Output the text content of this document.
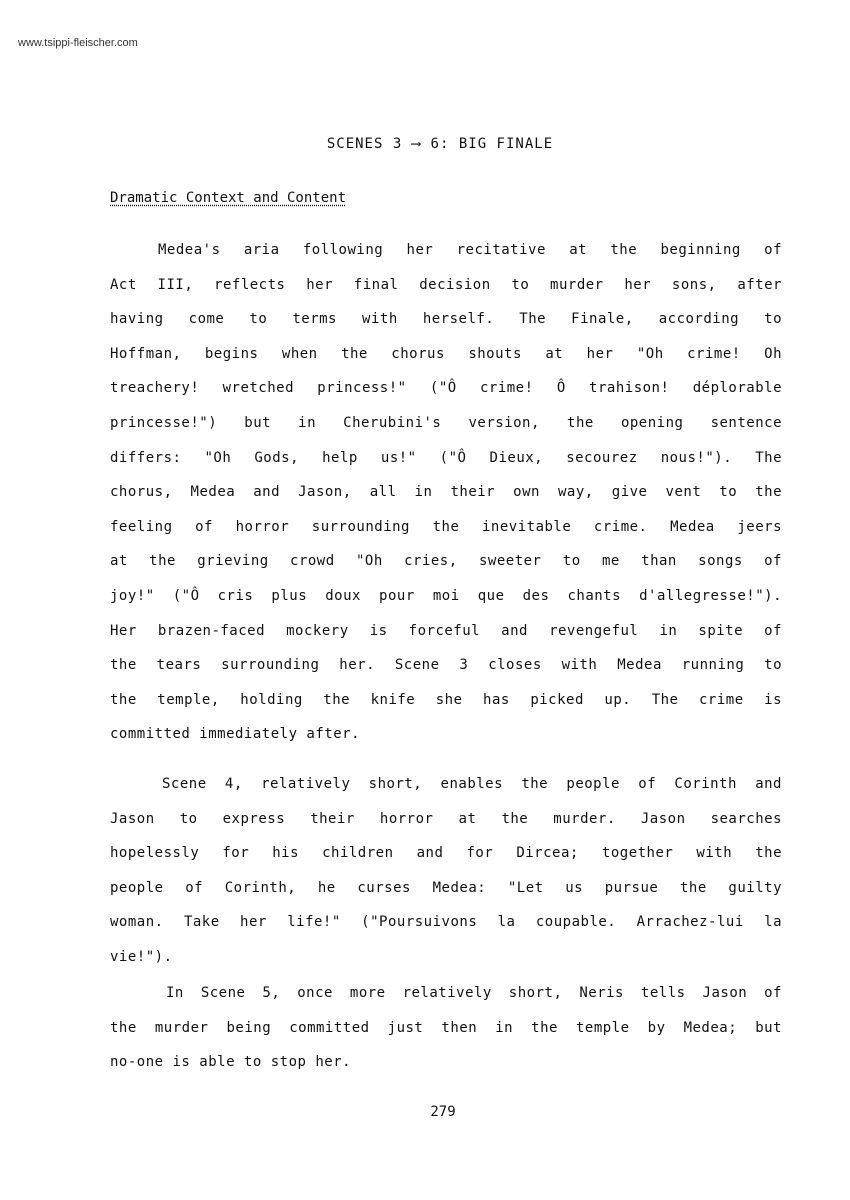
www.tsippi-fleischer.com
SCENES 3 ⟶ 6: BIG FINALE
Dramatic Context and Content
Medea's aria following her recitative at the beginning of
Act III, reflects her final decision to murder her sons, after
having come to terms with herself. The Finale, according to
Hoffman, begins when the chorus shouts at her "Oh crime! Oh
treachery! wretched princess!" ("Ô crime! Ô trahison! déplorable
princesse!") but in Cherubini's version, the opening sentence
differs: "Oh Gods, help us!" ("Ô Dieux, secourez nous!"). The
chorus, Medea and Jason, all in their own way, give vent to the
feeling of horror surrounding the inevitable crime. Medea jeers
at the grieving crowd "Oh cries, sweeter to me than songs of
joy!" ("Ô cris plus doux pour moi que des chants d'allegresse!").
Her brazen-faced mockery is forceful and revengeful in spite of
the tears surrounding her. Scene 3 closes with Medea running to
the temple, holding the knife she has picked up. The crime is
committed immediately after.
Scene 4, relatively short, enables the people of Corinth and
Jason to express their horror at the murder. Jason searches
hopelessly for his children and for Dircea; together with the
people of Corinth, he curses Medea: "Let us pursue the guilty
woman. Take her life!" ("Poursuivons la coupable. Arrachez-lui la
vie!").
In Scene 5, once more relatively short, Neris tells Jason of
the murder being committed just then in the temple by Medea; but
no-one is able to stop her.
279
